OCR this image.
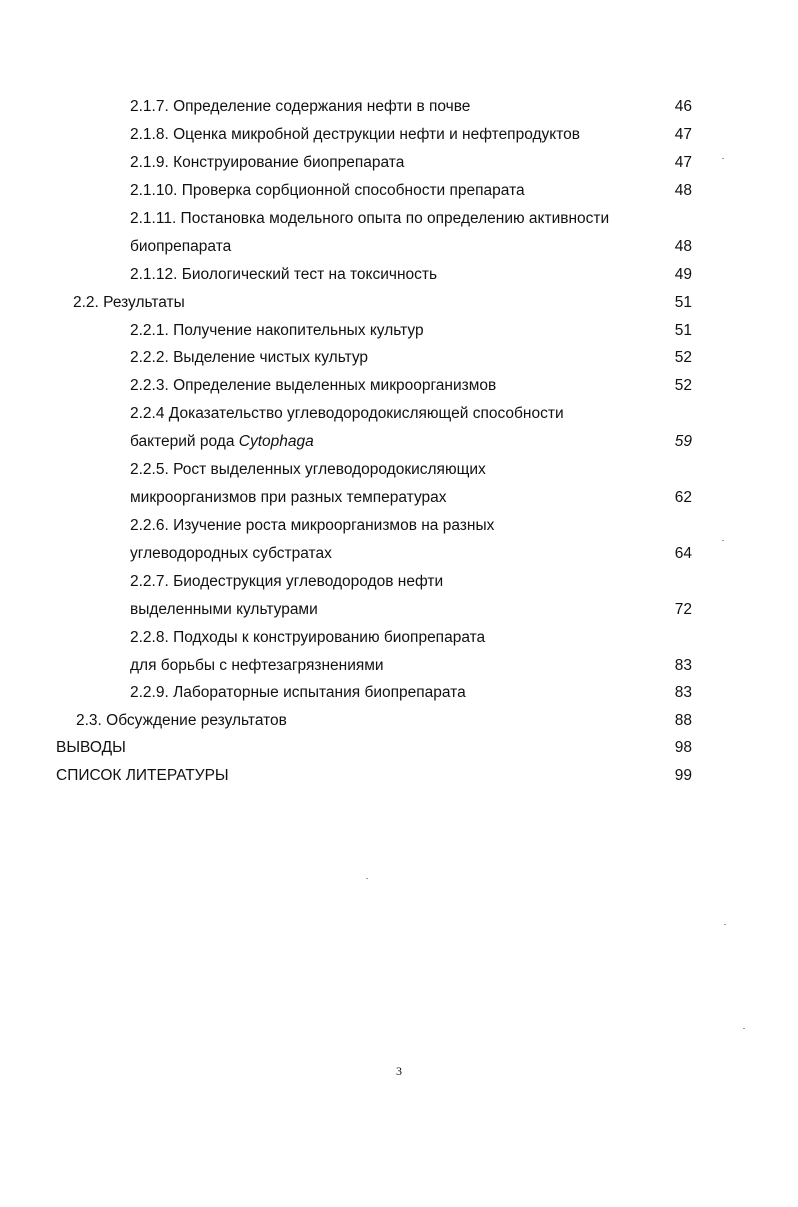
2.1.7. Определение содержания нефти в почве	46
2.1.8. Оценка микробной деструкции нефти и нефтепродуктов	47
2.1.9. Конструирование биопрепарата	47
2.1.10. Проверка сорбционной способности препарата	48
2.1.11. Постановка модельного опыта по определению активности
биопрепарата	48
2.1.12. Биологический тест на токсичность	49
2.2. Результаты	51
2.2.1. Получение накопительных культур	51
2.2.2. Выделение чистых культур	52
2.2.3. Определение выделенных микроорганизмов	52
2.2.4 Доказательство углеводородокисляющей способности
бактерий рода Cytophaga	59
2.2.5. Рост выделенных углеводородокисляющих
микроорганизмов при разных температурах	62
2.2.6. Изучение роста микроорганизмов на разных
углеводородных субстратах	64
2.2.7. Биодеструкция углеводородов нефти
выделенными культурами	72
2.2.8. Подходы к конструированию биопрепарата
для борьбы с нефтезагрязнениями	83
2.2.9. Лабораторные испытания биопрепарата	83
2.3. Обсуждение результатов	88
ВЫВОДЫ	98
СПИСОК ЛИТЕРАТУРЫ	99
3
